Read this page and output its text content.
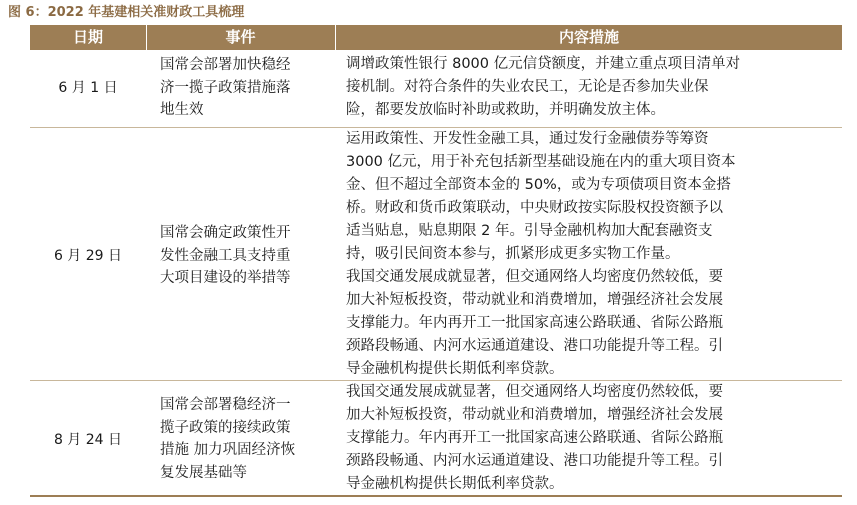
图 6：2022 年基建相关准财政工具梳理
日期	事件	内容措施
6 月 1 日
国常会部署加快稳经
济一揽子政策措施落
地生效
调增政策性银行 8000 亿元信贷额度，并建立重点项目清单对
接机制。对符合条件的失业农民工，无论是否参加失业保
险，都要发放临时补助或救助，并明确发放主体。
6 月 29 日
国常会确定政策性开
发性金融工具支持重
大项目建设的举措等
运用政策性、开发性金融工具，通过发行金融债券等筹资
3000 亿元，用于补充包括新型基础设施在内的重大项目资本
金、但不超过全部资本金的 50%，或为专项债项目资本金搭
桥。财政和货币政策联动，中央财政按实际股权投资额予以
适当贴息，贴息期限 2 年。引导金融机构加大配套融资支
持，吸引民间资本参与，抓紧形成更多实物工作量。
我国交通发展成就显著，但交通网络人均密度仍然较低，要
加大补短板投资，带动就业和消费增加，增强经济社会发展
支撑能力。年内再开工一批国家高速公路联通、省际公路瓶
颈路段畅通、内河水运通道建设、港口功能提升等工程。引
导金融机构提供长期低利率贷款。
8 月 24 日
国常会部署稳经济一
揽子政策的接续政策
措施 加力巩固经济恢
复发展基础等
我国交通发展成就显著，但交通网络人均密度仍然较低，要
加大补短板投资，带动就业和消费增加，增强经济社会发展
支撑能力。年内再开工一批国家高速公路联通、省际公路瓶
颈路段畅通、内河水运通道建设、港口功能提升等工程。引
导金融机构提供长期低利率贷款。
